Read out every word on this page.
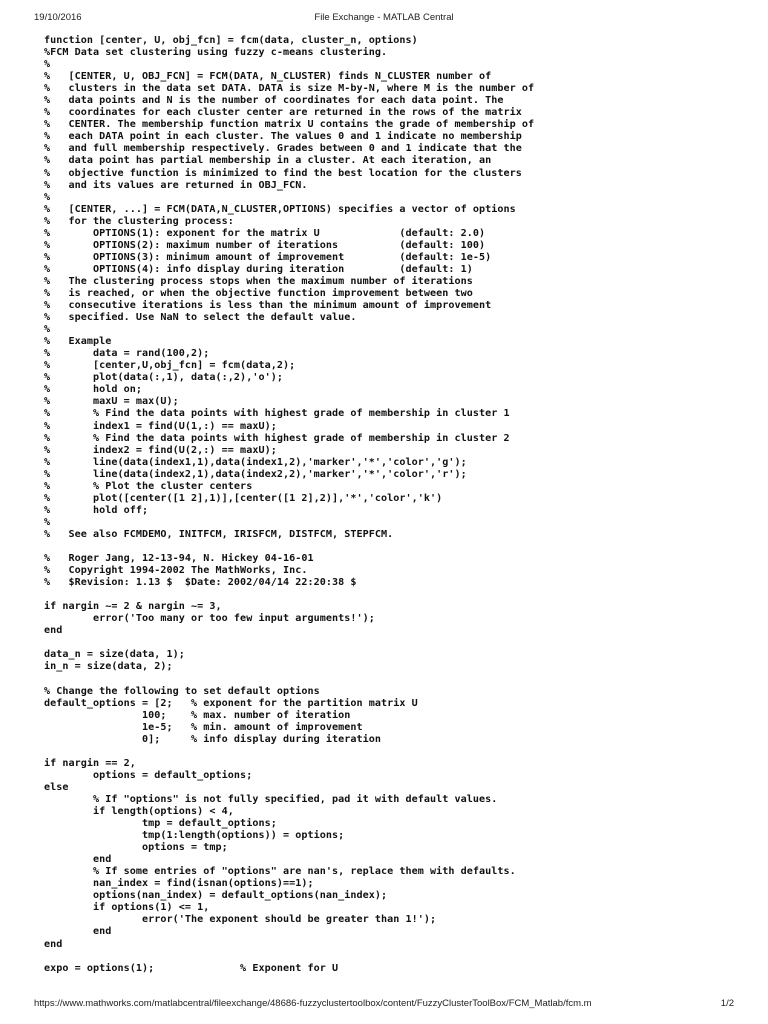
19/10/2016	File Exchange - MATLAB Central
function [center, U, obj_fcn] = fcm(data, cluster_n, options)
%FCM Data set clustering using fuzzy c-means clustering.
%
%   [CENTER, U, OBJ_FCN] = FCM(DATA, N_CLUSTER) finds N_CLUSTER number of
%   clusters in the data set DATA. DATA is size M-by-N, where M is the number of
%   data points and N is the number of coordinates for each data point. The
%   coordinates for each cluster center are returned in the rows of the matrix
%   CENTER. The membership function matrix U contains the grade of membership of
%   each DATA point in each cluster. The values 0 and 1 indicate no membership
%   and full membership respectively. Grades between 0 and 1 indicate that the
%   data point has partial membership in a cluster. At each iteration, an
%   objective function is minimized to find the best location for the clusters
%   and its values are returned in OBJ_FCN.
%
%   [CENTER, ...] = FCM(DATA,N_CLUSTER,OPTIONS) specifies a vector of options
%   for the clustering process:
%       OPTIONS(1): exponent for the matrix U             (default: 2.0)
%       OPTIONS(2): maximum number of iterations          (default: 100)
%       OPTIONS(3): minimum amount of improvement         (default: 1e-5)
%       OPTIONS(4): info display during iteration         (default: 1)
%   The clustering process stops when the maximum number of iterations
%   is reached, or when the objective function improvement between two
%   consecutive iterations is less than the minimum amount of improvement
%   specified. Use NaN to select the default value.
%
%   Example
%       data = rand(100,2);
%       [center,U,obj_fcn] = fcm(data,2);
%       plot(data(:,1), data(:,2),'o');
%       hold on;
%       maxU = max(U);
%       % Find the data points with highest grade of membership in cluster 1
%       index1 = find(U(1,:) == maxU);
%       % Find the data points with highest grade of membership in cluster 2
%       index2 = find(U(2,:) == maxU);
%       line(data(index1,1),data(index1,2),'marker','*','color','g');
%       line(data(index2,1),data(index2,2),'marker','*','color','r');
%       % Plot the cluster centers
%       plot([center([1 2],1)],[center([1 2],2)],'*','color','k')
%       hold off;
%
%   See also FCMDEMO, INITFCM, IRISFCM, DISTFCM, STEPFCM.

%   Roger Jang, 12-13-94, N. Hickey 04-16-01
%   Copyright 1994-2002 The MathWorks, Inc.
%   $Revision: 1.13 $  $Date: 2002/04/14 22:20:38 $

if nargin ~= 2 & nargin ~= 3,
error('Too many or too few input arguments!');
end

data_n = size(data, 1);
in_n = size(data, 2);

% Change the following to set default options
default_options = [2;   % exponent for the partition matrix U
100;    % max. number of iteration
1e-5;   % min. amount of improvement
0];     % info display during iteration

if nargin == 2,
options = default_options;
else
% If "options" is not fully specified, pad it with default values.
if length(options) < 4,
tmp = default_options;
tmp(1:length(options)) = options;
options = tmp;
end
% If some entries of "options" are nan's, replace them with defaults.
nan_index = find(isnan(options)==1);
options(nan_index) = default_options(nan_index);
if options(1) <= 1,
error('The exponent should be greater than 1!');
end
end

expo = options(1);              % Exponent for U
https://www.mathworks.com/matlabcentral/fileexchange/48686-fuzzyclustertoolbox/content/FuzzyClusterToolBox/FCM_Matlab/fcm.m	1/2
